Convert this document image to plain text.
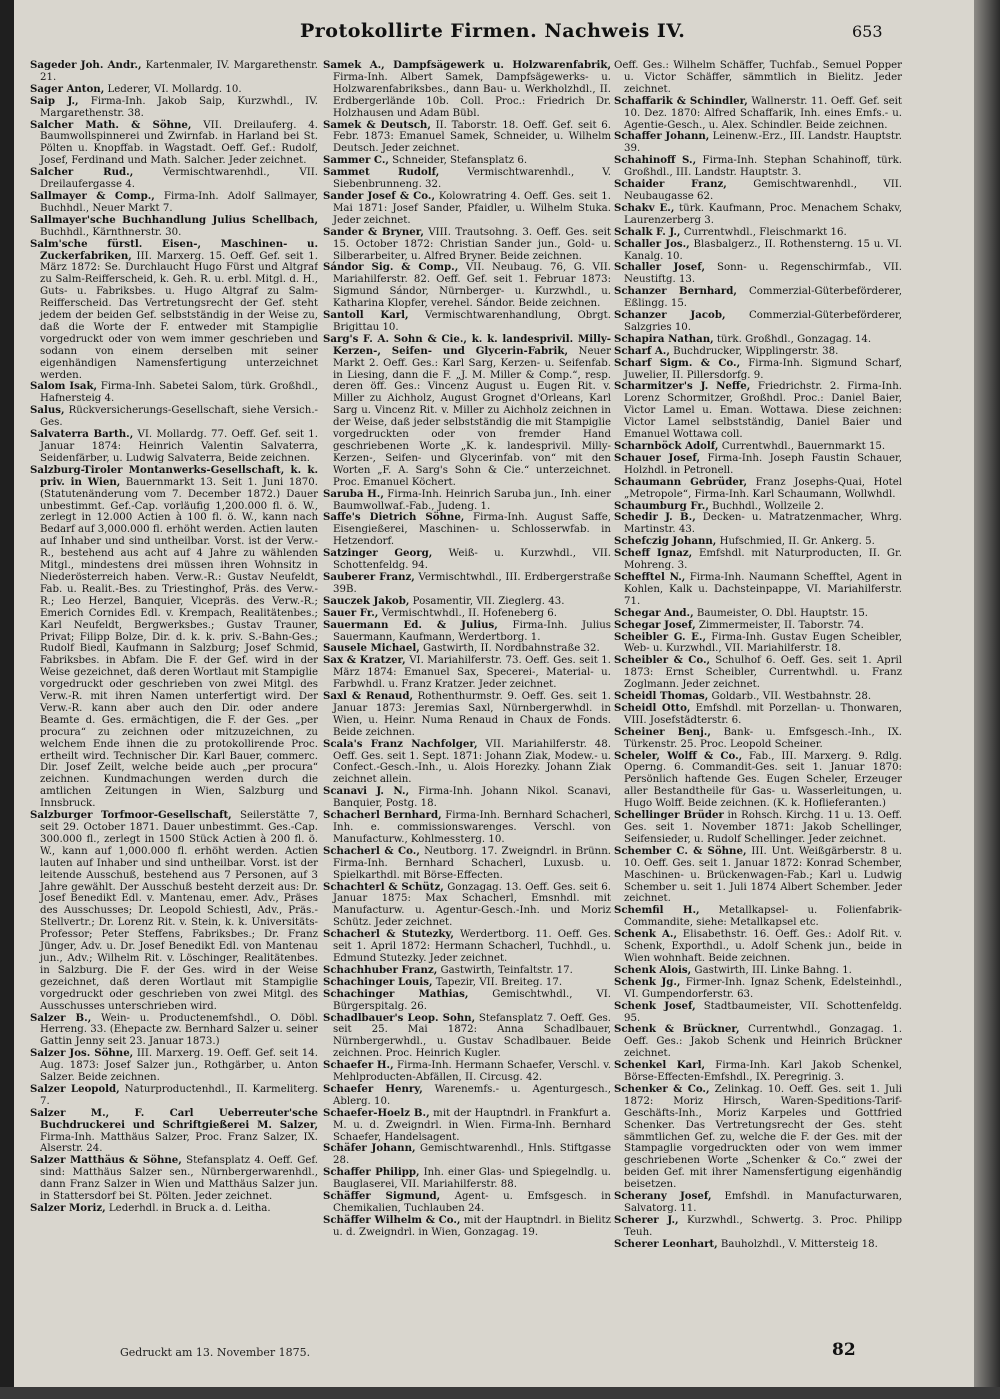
Protokollirte Firmen. Nachweis IV.	653

Sageder Joh. Andr., Kartenmaler, IV. Margarethenstr. 21.

Sager Anton, Lederer, VI. Mollardg. 10.

Saip J., Firma-Inh. Jakob Saip, Kurzwhdl., IV. Margarethenstr. 38.

Salcher Math. & Söhne, VII. Dreilauferg. 4. Baumwollspinnerei und Zwirnfab. in Harland bei St. Pölten u. Knopffab. in Wagstadt. Oeff. Gef.: Rudolf, Josef, Ferdinand und Math. Salcher. Jeder zeichnet.

Salcher Rud., Vermischtwarenhdl., VII. Dreilaufergasse 4.

Sallmayer & Comp., Firma-Inh. Adolf Sallmayer, Buchhdl., Neuer Markt 7.

Sallmayer'sche Buchhandlung Julius Schellbach, Buchhdl., Kärnthnerstr. 30.

Salm'sche fürstl. Eisen-, Maschinen- u. Zuckerfabriken, III. Marxerg. 15. Oeff. Gef. seit 1. März 1872: Se. Durchlaucht Hugo Fürst und Altgraf zu Salm-Reifferscheid, k. Geh. R. u. erbl. Mitgl. d. H., Guts- u. Fabriksbes. u. Hugo Altgraf zu Salm-Reifferscheid. Das Vertretungsrecht der Gef. steht jedem der beiden Gef. selbstständig in der Weise zu, daß die Worte der F. entweder mit Stampiglie vorgedruckt oder von wem immer geschrieben und sodann von einem derselben mit seiner eigenhändigen Namensfertigung unterzeichnet werden.

Salom Isak, Firma-Inh. Sabetei Salom, türk. Großhdl., Hafnersteig 4.

Salus, Rückversicherungs-Gesellschaft, siehe Versich.-Ges.

Salvaterra Barth., VI. Mollardg. 77. Oeff. Gef. seit 1. Januar 1874: Heinrich Valentin Salvaterra, Seidenfärber, u. Ludwig Salvaterra, Beide zeichnen.

Salzburg-Tiroler Montanwerks-Gesellschaft, k. k. priv. in Wien, Bauernmarkt 13. Seit 1. Juni 1870. (Statutenänderung vom 7. December 1872.) Dauer unbestimmt. Gef.-Cap. vorläufig 1,200.000 fl. ö. W., zerlegt in 12.000 Actien à 100 fl. ö. W., kann nach Bedarf auf 3,000.000 fl. erhöht werden. Actien lauten auf Inhaber und sind untheilbar. Vorst. ist der Verw.-R., bestehend aus acht auf 4 Jahre zu wählenden Mitgl., mindestens drei müssen ihren Wohnsitz in Niederösterreich haben. Verw.-R.: Gustav Neufeldt, Fab. u. Realit.-Bes. zu Triestinghof, Präs. des Verw.-R.; Leo Herzel, Banquier, Vicepräs. des Verw.-R.; Emerich Cornides Edl. v. Krempach, Realitätenbes.; Karl Neufeldt, Bergwerksbes.; Gustav Trauner, Privat; Filipp Bolze, Dir. d. k. k. priv. S.-Bahn-Ges.; Rudolf Biedl, Kaufmann in Salzburg; Josef Schmid, Fabriksbes. in Abfam. Die F. der Gef. wird in der Weise gezeichnet, daß deren Wortlaut mit Stampiglie vorgedruckt oder geschrieben von zwei Mitgl. des Verw.-R. mit ihren Namen unterfertigt wird. Der Verw.-R. kann aber auch den Dir. oder andere Beamte d. Ges. ermächtigen, die F. der Ges. „per procura“ zu zeichnen oder mitzuzeichnen, zu welchem Ende ihnen die zu protokollirende Proc. ertheilt wird. Technischer Dir. Karl Bauer, commerc. Dir. Josef Zeilt, welche beide auch „per procura“ zeichnen. Kundmachungen werden durch die amtlichen Zeitungen in Wien, Salzburg und Innsbruck.

Salzburger Torfmoor-Gesellschaft, Seilerstätte 7, seit 29. October 1871. Dauer unbestimmt. Ges.-Cap. 300.000 fl., zerlegt in 1500 Stück Actien à 200 fl. ö. W., kann auf 1,000.000 fl. erhöht werden. Actien lauten auf Inhaber und sind untheilbar. Vorst. ist der leitende Ausschuß, bestehend aus 7 Personen, auf 3 Jahre gewählt. Der Ausschuß besteht derzeit aus: Dr. Josef Benedikt Edl. v. Mantenau, emer. Adv., Präses des Ausschusses; Dr. Leopold Schiestl, Adv., Präs.-Stellvertr.; Dr. Lorenz Rit. v. Stein, k. k. Universitäts-Professor; Peter Steffens, Fabriksbes.; Dr. Franz Jünger, Adv. u. Dr. Josef Benedikt Edl. von Mantenau jun., Adv.; Wilhelm Rit. v. Löschinger, Realitätenbes. in Salzburg. Die F. der Ges. wird in der Weise gezeichnet, daß deren Wortlaut mit Stampiglie vorgedruckt oder geschrieben von zwei Mitgl. des Ausschusses unterschrieben wird.

Salzer B., Wein- u. Productenemfshdl., O. Döbl. Herreng. 33. (Ehepacte zw. Bernhard Salzer u. seiner Gattin Jenny seit 23. Januar 1873.)

Salzer Jos. Söhne, III. Marxerg. 19. Oeff. Gef. seit 14. Aug. 1873: Josef Salzer jun., Rothgärber, u. Anton Salzer. Beide zeichnen.

Salzer Leopold, Naturproductenhdl., II. Karmeliterg. 7.

Salzer M., F. Carl Ueberreuter'sche Buchdruckerei und Schriftgießerei M. Salzer, Firma-Inh. Matthäus Salzer, Proc. Franz Salzer, IX. Alserstr. 24.

Salzer Matthäus & Söhne, Stefansplatz 4. Oeff. Gef. sind: Matthäus Salzer sen., Nürnbergerwarenhdl., dann Franz Salzer in Wien und Matthäus Salzer jun. in Stattersdorf bei St. Pölten. Jeder zeichnet.

Salzer Moriz, Lederhdl. in Bruck a. d. Leitha.

Samek A., Dampfsägewerk u. Holzwarenfabrik, Firma-Inh. Albert Samek, Dampfsägewerks- u. Holzwarenfabriksbes., dann Bau- u. Werkholzhdl., II. Erdbergerlände 10b. Coll. Proc.: Friedrich Dr. Holzhausen und Adam Bübl.

Samek & Deutsch, II. Taborstr. 18. Oeff. Gef. seit 6. Febr. 1873: Emanuel Samek, Schneider, u. Wilhelm Deutsch. Jeder zeichnet.

Sammer C., Schneider, Stefansplatz 6.

Sammet Rudolf, Vermischtwarenhdl., V. Siebenbrunneng. 32.

Sander Josef & Co., Kolowratring 4. Oeff. Ges. seit 1. Mai 1871: Josef Sander, Pfaidler, u. Wilhelm Stuka. Jeder zeichnet.

Sander & Bryner, VIII. Trautsohng. 3. Oeff. Ges. seit 15. October 1872: Christian Sander jun., Gold- u. Silberarbeiter, u. Alfred Bryner. Beide zeichnen.

Sándor Sig. & Comp., VII. Neubaug. 76, G. VII. Mariahilferstr. 82. Oeff. Gef. seit 1. Februar 1873: Sigmund Sándor, Nürnberger- u. Kurzwhdl., u. Katharina Klopfer, verehel. Sándor. Beide zeichnen.

Santoll Karl, Vermischtwarenhandlung, Obrgt. Brigittau 10.

Sarg's F. A. Sohn & Cie., k. k. landesprivil. Milly-Kerzen-, Seifen- und Glycerin-Fabrik, Neuer Markt 2. Oeff. Ges.: Karl Sarg, Kerzen- u. Seifenfab. in Liesing, dann die F. „J. M. Miller & Comp.“, resp. deren öff. Ges.: Vincenz August u. Eugen Rit. v. Miller zu Aichholz, August Grognet d'Orleans, Karl Sarg u. Vincenz Rit. v. Miller zu Aichholz zeichnen in der Weise, daß jeder selbstständig die mit Stampiglie vorgedruckten oder von fremder Hand geschriebenen Worte „K. k. landesprivil. Milly-Kerzen-, Seifen- und Glycerinfab. von“ mit den Worten „F. A. Sarg's Sohn & Cie.“ unterzeichnet. Proc. Emanuel Köchert.

Saruba H., Firma-Inh. Heinrich Saruba jun., Inh. einer Baumwollwaf.-Fab., Judeng. 1.

Saffe's Dietrich Söhne, Firma-Inh. August Saffe, Eisengießerei, Maschinen- u. Schlosserwfab. in Hetzendorf.

Satzinger Georg, Weiß- u. Kurzwhdl., VII. Schottenfeldg. 94.

Sauberer Franz, Vermischtwhdl., III. Erdbergerstraße 39B.

Sauczek Jakob, Posamentir, VII. Zieglerg. 43.

Sauer Fr., Vermischtwhdl., II. Hofeneberg 6.

Sauermann Ed. & Julius, Firma-Inh. Julius Sauermann, Kaufmann, Werdertborg. 1.

Sausele Michael, Gastwirth, II. Nordbahnstraße 32.

Sax & Kratzer, VI. Mariahilferstr. 73. Oeff. Ges. seit 1. März 1874: Emanuel Sax, Specerei-, Material- u. Farbwhdl. u. Franz Kratzer. Jeder zeichnet.

Saxl & Renaud, Rothenthurmstr. 9. Oeff. Ges. seit 1. Januar 1873: Jeremias Saxl, Nürnbergerwhdl. in Wien, u. Heinr. Numa Renaud in Chaux de Fonds. Beide zeichnen.

Scala's Franz Nachfolger, VII. Mariahilferstr. 48. Oeff. Ges. seit 1. Sept. 1871: Johann Ziak, Modew.- u. Confect.-Gesch.-Inh., u. Alois Horezky. Johann Ziak zeichnet allein.

Scanavi J. N., Firma-Inh. Johann Nikol. Scanavi, Banquier, Postg. 18.

Schacherl Bernhard, Firma-Inh. Bernhard Schacherl, Inh. e. commissionswarenges. Verschl. von Manufacturw., Kohlmessterg. 10.

Schacherl & Co., Neutborg. 17. Zweigndrl. in Brünn. Firma-Inh. Bernhard Schacherl, Luxusb. u. Spielkarthdl. mit Börse-Effecten.

Schachterl & Schütz, Gonzagag. 13. Oeff. Ges. seit 6. Januar 1875: Max Schacherl, Emsnhdl. mit Manufacturw. u. Agentur-Gesch.-Inh. und Moriz Schütz. Jeder zeichnet.

Schacherl & Stutezky, Werdertborg. 11. Oeff. Ges. seit 1. April 1872: Hermann Schacherl, Tuchhdl., u. Edmund Stutezky. Jeder zeichnet.

Schachhuber Franz, Gastwirth, Teinfaltstr. 17.

Schachinger Louis, Tapezir, VII. Breiteg. 17.

Schachinger Mathias, Gemischtwhdl., VI. Bürgerspitalg. 26.

Schadlbauer's Leop. Sohn, Stefansplatz 7. Oeff. Ges. seit 25. Mai 1872: Anna Schadlbauer, Nürnbergerwhdl., u. Gustav Schadlbauer. Beide zeichnen. Proc. Heinrich Kugler.

Schaefer H., Firma-Inh. Hermann Schaefer, Verschl. v. Mehlproducten-Abfällen, II. Circusg. 42.

Schaefer Henry, Warenemfs.- u. Agenturgesch., Ablerg. 10.

Schaefer-Hoelz B., mit der Hauptndrl. in Frankfurt a. M. u. d. Zweigndrl. in Wien. Firma-Inh. Bernhard Schaefer, Handelsagent.

Schäfer Johann, Gemischtwarenhdl., Hnls. Stiftgasse 28.

Schaffer Philipp, Inh. einer Glas- und Spiegelndlg. u. Bauglaserei, VII. Mariahilferstr. 88.

Schäffer Sigmund, Agent- u. Emfsgesch. in Chemikalien, Tuchlauben 24.

Schäffer Wilhelm & Co., mit der Hauptndrl. in Bielitz u. d. Zweigndrl. in Wien, Gonzagag. 19.

Oeff. Ges.: Wilhelm Schäffer, Tuchfab., Semuel Popper u. Victor Schäffer, sämmtlich in Bielitz. Jeder zeichnet.

Schaffarik & Schindler, Wallnerstr. 11. Oeff. Gef. seit 10. Dez. 1870: Alfred Schaffarik, Inh. eines Emfs.- u. Agentie-Gesch., u. Alex. Schindler. Beide zeichnen.

Schaffer Johann, Leinenw.-Erz., III. Landstr. Hauptstr. 39.

Schahinoff S., Firma-Inh. Stephan Schahinoff, türk. Großhdl., III. Landstr. Hauptstr. 3.

Schaider Franz, Gemischtwarenhdl., VII. Neubaugasse 62.

Schakv E., türk. Kaufmann, Proc. Menachem Schakv, Laurenzerberg 3.

Schalk F. J., Currentwhdl., Fleischmarkt 16.

Schaller Jos., Blasbalgerz., II. Rothensterng. 15 u. VI. Kanalg. 10.

Schaller Josef, Sonn- u. Regenschirmfab., VII. Neustiftg. 13.

Schanzer Bernhard, Commerzial-Güterbeförderer, Eßlingg. 15.

Schanzer Jacob, Commerzial-Güterbeförderer, Salzgries 10.

Schapira Nathan, türk. Großhdl., Gonzagag. 14.

Scharf A., Buchdrucker, Wipplingerstr. 38.

Scharf Sigm. & Co., Firma-Inh. Sigmund Scharf, Juwelier, II. Pillersdorfg. 9.

Scharmitzer's J. Neffe, Friedrichstr. 2. Firma-Inh. Lorenz Schormitzer, Großhdl. Proc.: Daniel Baier, Victor Lamel u. Eman. Wottawa. Diese zeichnen: Victor Lamel selbstständig, Daniel Baier und Emanuel Wottawa coll.

Scharnböck Adolf, Currentwhdl., Bauernmarkt 15.

Schauer Josef, Firma-Inh. Joseph Faustin Schauer, Holzhdl. in Petronell.

Schaumann Gebrüder, Franz Josephs-Quai, Hotel „Metropole“, Firma-Inh. Karl Schaumann, Wollwhdl.

Schaumburg Fr., Buchhdl., Wollzeile 2.

Schedir J. B., Decken- u. Matratzenmacher, Whrg. Martinstr. 43.

Schefczig Johann, Hufschmied, II. Gr. Ankerg. 5.

Scheff Ignaz, Emfshdl. mit Naturproducten, II. Gr. Mohreng. 3.

Schefftel N., Firma-Inh. Naumann Schefftel, Agent in Kohlen, Kalk u. Dachsteinpappe, VI. Mariahilferstr. 71.

Schegar And., Baumeister, O. Dbl. Hauptstr. 15.

Schegar Josef, Zimmermeister, II. Taborstr. 74.

Scheibler G. E., Firma-Inh. Gustav Eugen Scheibler, Web- u. Kurzwhdl., VII. Mariahilferstr. 18.

Scheibler & Co., Schulhof 6. Oeff. Ges. seit 1. April 1873: Ernst Scheibler, Currentwhdl. u. Franz Zoglmann. Jeder zeichnet.

Scheidl Thomas, Goldarb., VII. Westbahnstr. 28.

Scheidl Otto, Emfshdl. mit Porzellan- u. Thonwaren, VIII. Josefstädterstr. 6.

Scheiner Benj., Bank- u. Emfsgesch.-Inh., IX. Türkenstr. 25. Proc. Leopold Scheiner.

Scheler, Wolff & Co., Fab., III. Marxerg. 9. Rdlg. Operng. 6. Commandit-Ges. seit 1. Januar 1870: Persönlich haftende Ges. Eugen Scheler, Erzeuger aller Bestandtheile für Gas- u. Wasserleitungen, u. Hugo Wolff. Beide zeichnen. (K. k. Hoflieferanten.)

Schellinger Brüder in Rohsch. Kirchg. 11 u. 13. Oeff. Ges. seit 1. November 1871: Jakob Schellinger, Seifensieder, u. Rudolf Schellinger. Jeder zeichnet.

Schember C. & Söhne, III. Unt. Weißgärberstr. 8 u. 10. Oeff. Ges. seit 1. Januar 1872: Konrad Schember, Maschinen- u. Brückenwagen-Fab.; Karl u. Ludwig Schember u. seit 1. Juli 1874 Albert Schember. Jeder zeichnet.

Schemfil H., Metallkapsel- u. Folienfabrik-Commandite, siehe: Metallkapsel etc.

Schenk A., Elisabethstr. 16. Oeff. Ges.: Adolf Rit. v. Schenk, Exporthdl., u. Adolf Schenk jun., beide in Wien wohnhaft. Beide zeichnen.

Schenk Alois, Gastwirth, III. Linke Bahng. 1.

Schenk Jg., Firmer-Inh. Ignaz Schenk, Edelsteinhdl., VI. Gumpendorferstr. 63.

Schenk Josef, Stadtbaumeister, VII. Schottenfeldg. 95.

Schenk & Brückner, Currentwhdl., Gonzagag. 1. Oeff. Ges.: Jakob Schenk und Heinrich Brückner zeichnet.

Schenkel Karl, Firma-Inh. Karl Jakob Schenkel, Börse-Effecten-Emfshdl., IX. Peregrinig. 3.

Schenker & Co., Zelinkag. 10. Oeff. Ges. seit 1. Juli 1872: Moriz Hirsch, Waren-Speditions-Tarif-Geschäfts-Inh., Moriz Karpeles und Gottfried Schenker. Das Vertretungsrecht der Ges. steht sämmtlichen Gef. zu, welche die F. der Ges. mit der Stampaglie vorgedruckten oder von wem immer geschriebenen Worte „Schenker & Co.“ zwei der beiden Gef. mit ihrer Namensfertigung eigenhändig beisetzen.

Scherany Josef, Emfshdl. in Manufacturwaren, Salvatorg. 11.

Scherer J., Kurzwhdl., Schwertg. 3. Proc. Philipp Teuh.

Scherer Leonhart, Bauholzhdl., V. Mittersteig 18.

Gedruckt am 13. November 1875.	82
